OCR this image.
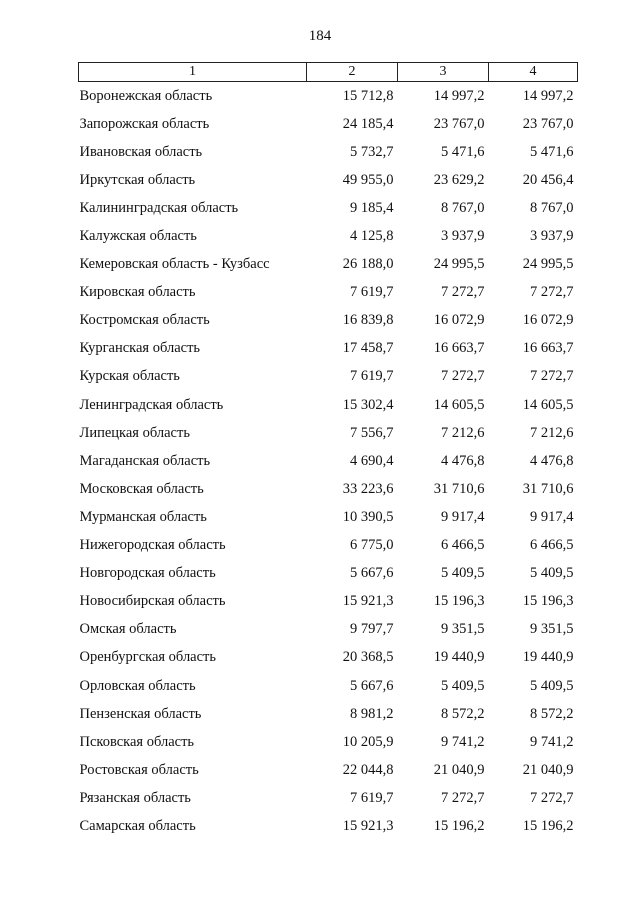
184
1	2	3	4
Воронежская область	15 712,8	14 997,2	14 997,2
Запорожская область	24 185,4	23 767,0	23 767,0
Ивановская область	5 732,7	5 471,6	5 471,6
Иркутская область	49 955,0	23 629,2	20 456,4
Калининградская область	9 185,4	8 767,0	8 767,0
Калужская область	4 125,8	3 937,9	3 937,9
Кемеровская область - Кузбасс	26 188,0	24 995,5	24 995,5
Кировская область	7 619,7	7 272,7	7 272,7
Костромская область	16 839,8	16 072,9	16 072,9
Курганская область	17 458,7	16 663,7	16 663,7
Курская область	7 619,7	7 272,7	7 272,7
Ленинградская область	15 302,4	14 605,5	14 605,5
Липецкая область	7 556,7	7 212,6	7 212,6
Магаданская область	4 690,4	4 476,8	4 476,8
Московская область	33 223,6	31 710,6	31 710,6
Мурманская область	10 390,5	9 917,4	9 917,4
Нижегородская область	6 775,0	6 466,5	6 466,5
Новгородская область	5 667,6	5 409,5	5 409,5
Новосибирская область	15 921,3	15 196,3	15 196,3
Омская область	9 797,7	9 351,5	9 351,5
Оренбургская область	20 368,5	19 440,9	19 440,9
Орловская область	5 667,6	5 409,5	5 409,5
Пензенская область	8 981,2	8 572,2	8 572,2
Псковская область	10 205,9	9 741,2	9 741,2
Ростовская область	22 044,8	21 040,9	21 040,9
Рязанская область	7 619,7	7 272,7	7 272,7
Самарская область	15 921,3	15 196,2	15 196,2
